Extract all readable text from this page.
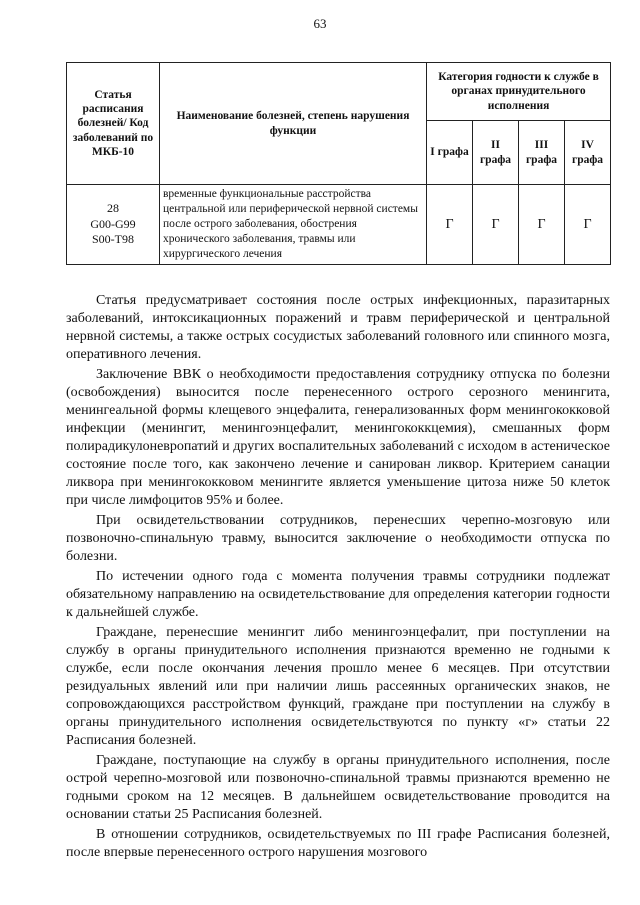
63
Статья расписания болезней/ Код заболеваний по МКБ-10	Наименование болезней, степень нарушения функции	Категория годности к службе в органах принудительного исполнения			
		I графа	II графа	III графа	IV графа

28
G00-G99
S00-T98	временные функциональные расстройства центральной или периферической нервной системы после острого заболевания, обострения хронического заболевания, травмы или хирургического лечения	Г	Г	Г	Г

Статья предусматривает состояния после острых инфекционных, паразитарных заболеваний, интоксикационных поражений и травм периферической и центральной нервной системы, а также острых сосудистых заболеваний головного или спинного мозга, оперативного лечения.

Заключение ВВК о необходимости предоставления сотруднику отпуска по болезни (освобождения) выносится после перенесенного острого серозного менингита, менингеальной формы клещевого энцефалита, генерализованных форм менингококковой инфекции (менингит, менингоэнцефалит, менингококкцемия), смешанных форм полирадикулоневропатий и других воспалительных заболеваний с исходом в астеническое состояние после того, как закончено лечение и санирован ликвор. Критерием санации ликвора при менингококковом менингите является уменьшение цитоза ниже 50 клеток при числе лимфоцитов 95% и более.

При освидетельствовании сотрудников, перенесших черепно-мозговую или позвоночно-спинальную травму, выносится заключение о необходимости отпуска по болезни.

По истечении одного года с момента получения травмы сотрудники подлежат обязательному направлению на освидетельствование для определения категории годности к дальнейшей службе.

Граждане, перенесшие менингит либо менингоэнцефалит, при поступлении на службу в органы принудительного исполнения признаются временно не годными к службе, если после окончания лечения прошло менее 6 месяцев. При отсутствии резидуальных явлений или при наличии лишь рассеянных органических знаков, не сопровождающихся расстройством функций, граждане при поступлении на службу в органы принудительного исполнения освидетельствуются по пункту «г» статьи 22 Расписания болезней.

Граждане, поступающие на службу в органы принудительного исполнения, после острой черепно-мозговой или позвоночно-спинальной травмы признаются временно не годными сроком на 12 месяцев. В дальнейшем освидетельствование проводится на основании статьи 25 Расписания болезней.

В отношении сотрудников, освидетельствуемых по III графе Расписания болезней, после впервые перенесенного острого нарушения мозгового
